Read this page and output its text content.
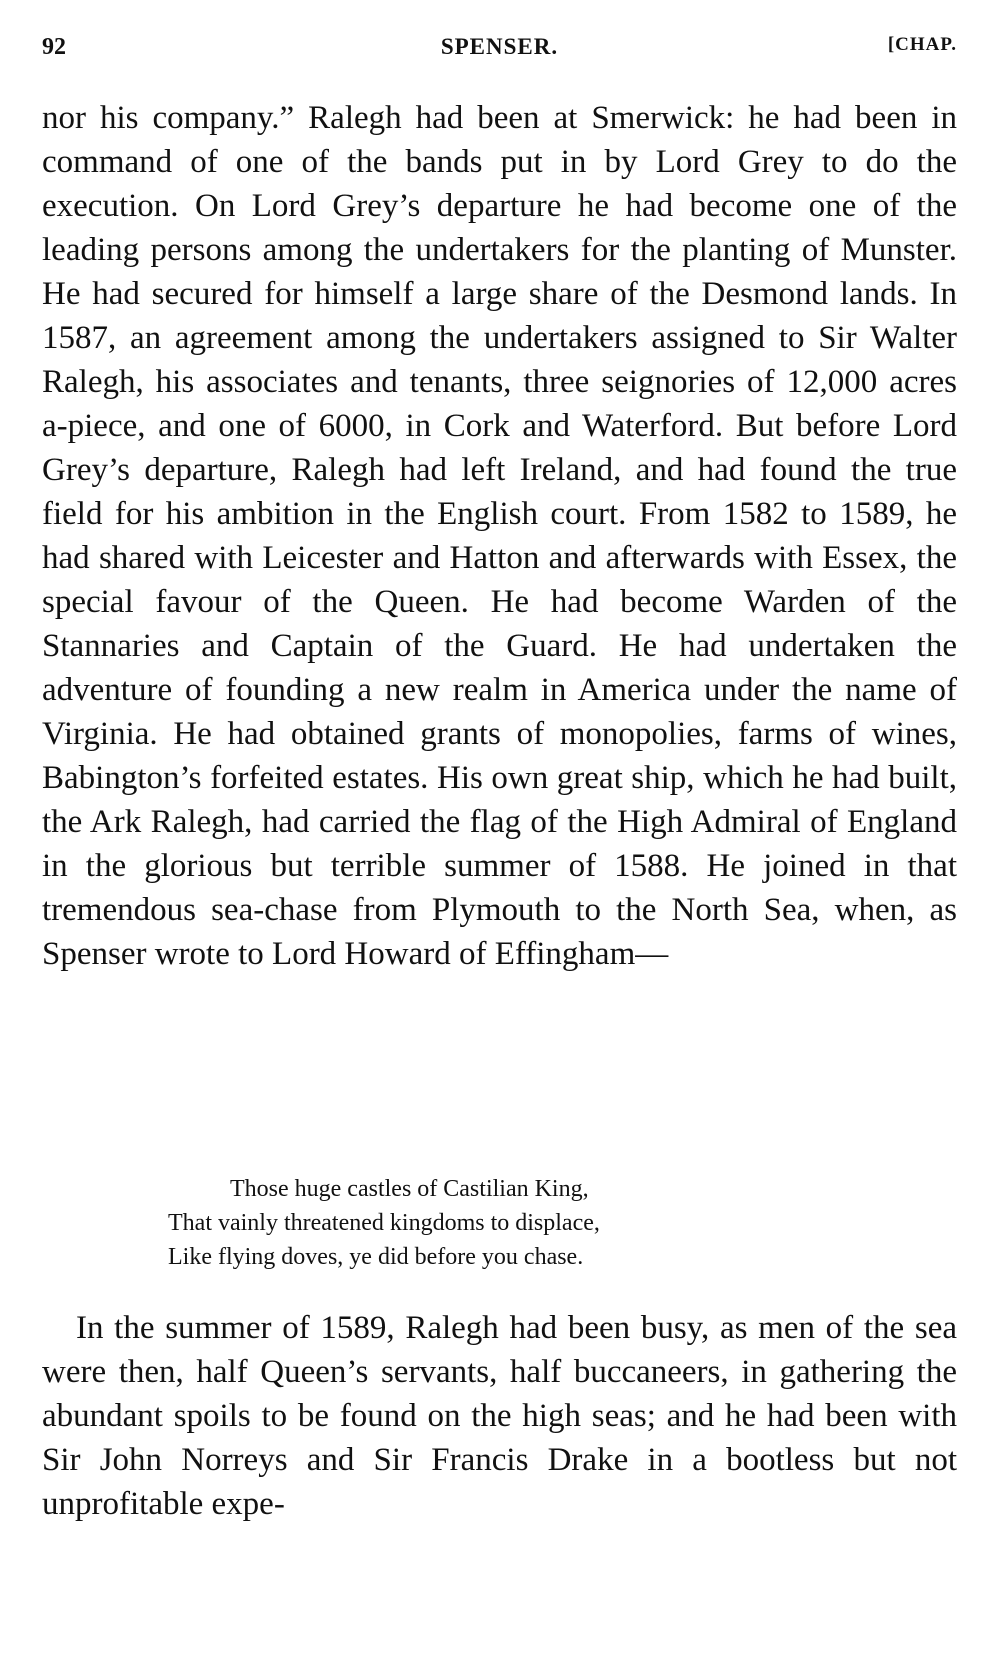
92	SPENSER.	[CHAP.

nor his company.” Ralegh had been at Smerwick: he had been in command of one of the bands put in by Lord Grey to do the execution. On Lord Grey’s departure he had become one of the leading persons among the undertakers for the planting of Munster. He had secured for himself a large share of the Desmond lands. In 1587, an agreement among the undertakers assigned to Sir Walter Ralegh, his associates and tenants, three seignories of 12,000 acres a-piece, and one of 6000, in Cork and Waterford. But before Lord Grey’s departure, Ralegh had left Ireland, and had found the true field for his ambition in the English court. From 1582 to 1589, he had shared with Leicester and Hatton and afterwards with Essex, the special favour of the Queen. He had become Warden of the Stannaries and Captain of the Guard. He had undertaken the adventure of founding a new realm in America under the name of Virginia. He had obtained grants of monopolies, farms of wines, Babington’s forfeited estates. His own great ship, which he had built, the Ark Ralegh, had carried the flag of the High Admiral of England in the glorious but terrible summer of 1588. He joined in that tremendous sea-chase from Plymouth to the North Sea, when, as Spenser wrote to Lord Howard of Effingham—

Those huge castles of Castilian King,
That vainly threatened kingdoms to displace,
Like flying doves, ye did before you chase.

In the summer of 1589, Ralegh had been busy, as men of the sea were then, half Queen’s servants, half buccaneers, in gathering the abundant spoils to be found on the high seas; and he had been with Sir John Norreys and Sir Francis Drake in a bootless but not unprofitable expe-
